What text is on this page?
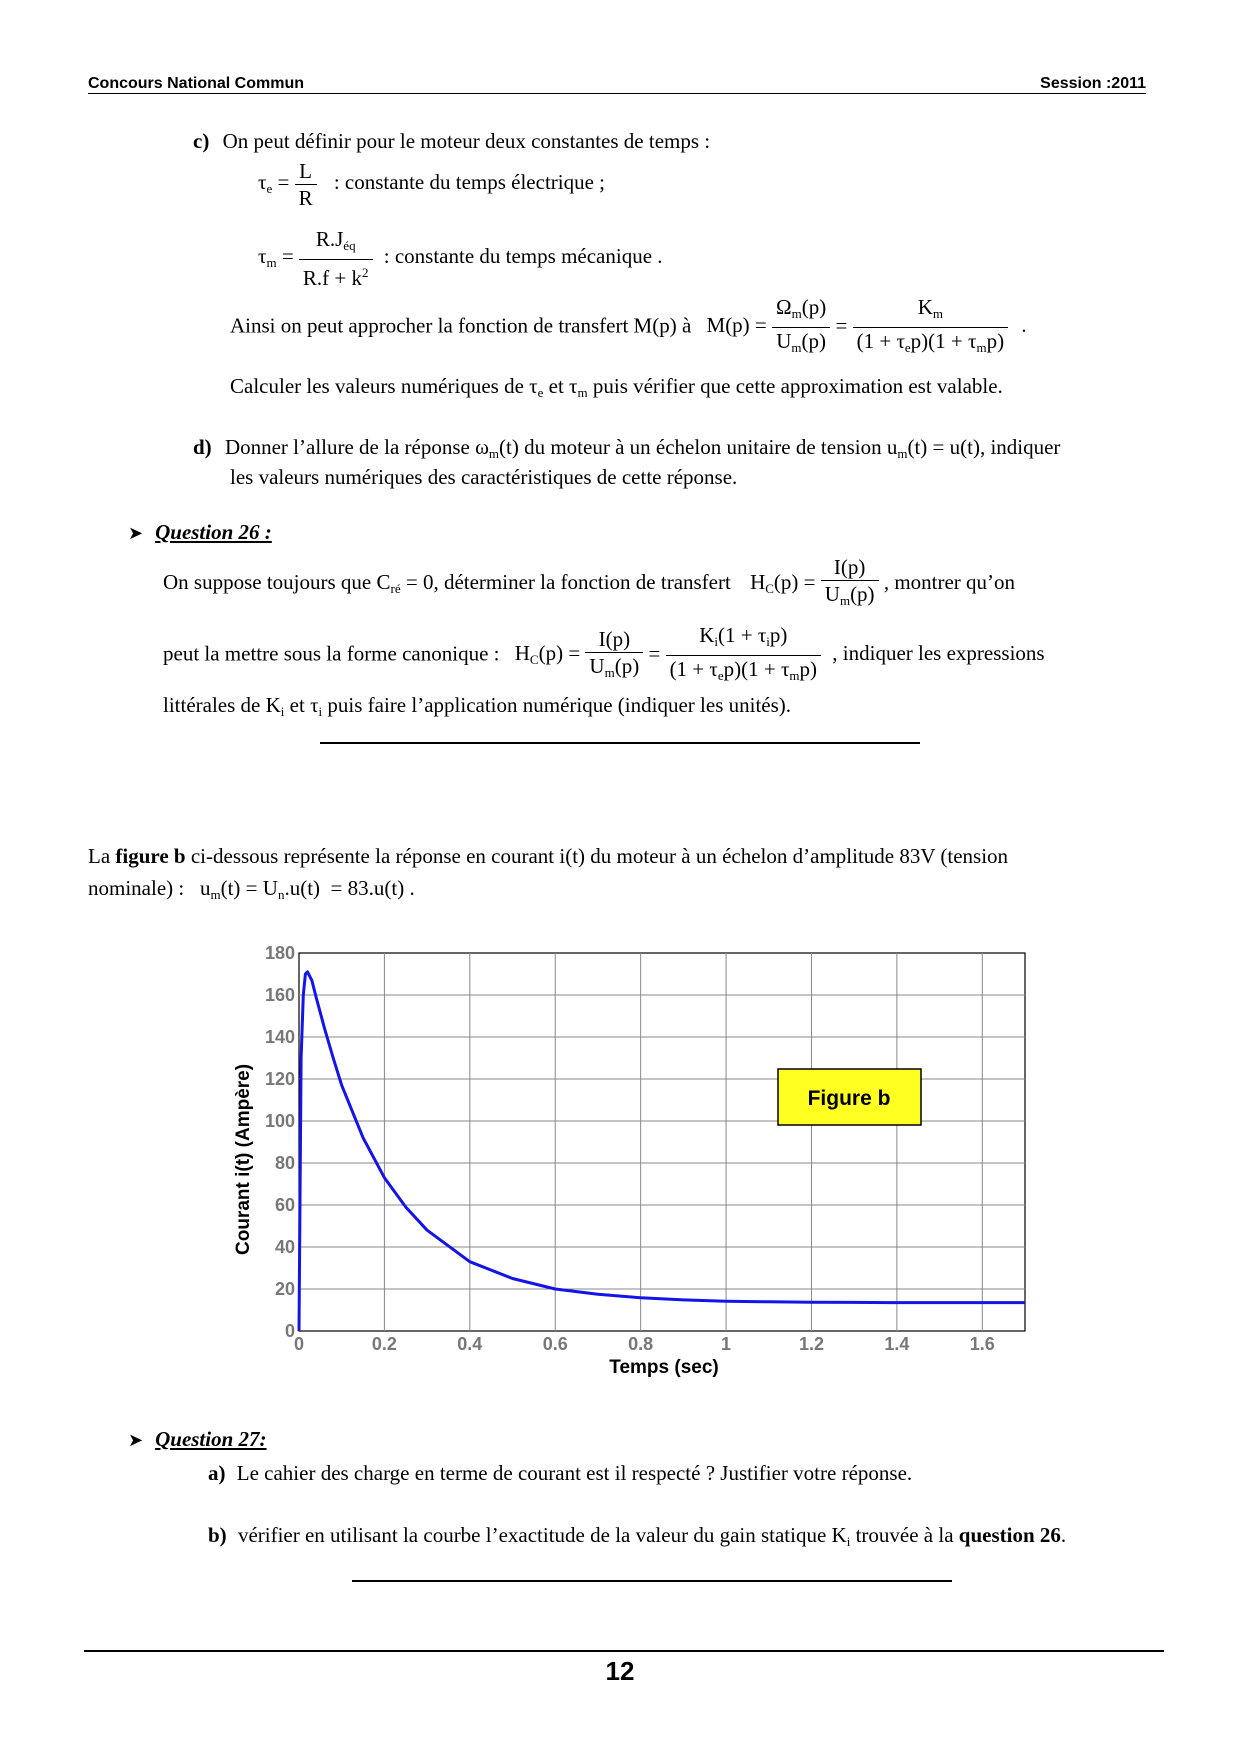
Concours National Commun	Session :2011
c) On peut définir pour le moteur deux constantes de temps :
$\tau_e = \frac{L}{R}$ : constante du temps électrique ;
$\tau_m = \frac{R.J_{éq}}{R.f + k^2}$ : constante du temps mécanique .
Ainsi on peut approcher la fonction de transfert M(p) à $M(p) = \frac{\Omega_m(p)}{U_m(p)} = \frac{K_m}{(1 + \tau_ep)(1 + \tau_mp)}$ .
Calculer les valeurs numériques de $\tau_e$ et $\tau_m$ puis vérifier que cette approximation est valable.
d) Donner l’allure de la réponse $\omega_m(t)$ du moteur à un échelon unitaire de tension $u_m(t) = u(t)$, indiquer
les valeurs numériques des caractéristiques de cette réponse.
➤ Question 26 :
On suppose toujours que $C_{ré} = 0$, déterminer la fonction de transfert $H_C(p) = \frac{I(p)}{U_m(p)}$ , montrer qu’on
peut la mettre sous la forme canonique : $H_C(p) = \frac{I(p)}{U_m(p)} = \frac{K_i(1 + \tau_ip)}{(1 + \tau_ep)(1 + \tau_mp)}$ , indiquer les expressions
littérales de $K_i$ et $\tau_i$ puis faire l’application numérique (indiquer les unités).
La figure b ci-dessous représente la réponse en courant i(t) du moteur à un échelon d’amplitude 83V (tension
nominale) :   $u_m(t) = U_n.u(t) = 83.u(t)$ .
0
20
40
60
80
100
120
140
160
180
0	0.2	0.4	0.6	0.8	1	1.2	1.4	1.6
Courant i(t) (Ampère)
Temps (sec)
Figure b
➤ Question 27:
a) Le cahier des charge en terme de courant est il respecté ? Justifier votre réponse.
b) vérifier en utilisant la courbe l’exactitude de la valeur du gain statique $K_i$ trouvée à la question 26.
12
